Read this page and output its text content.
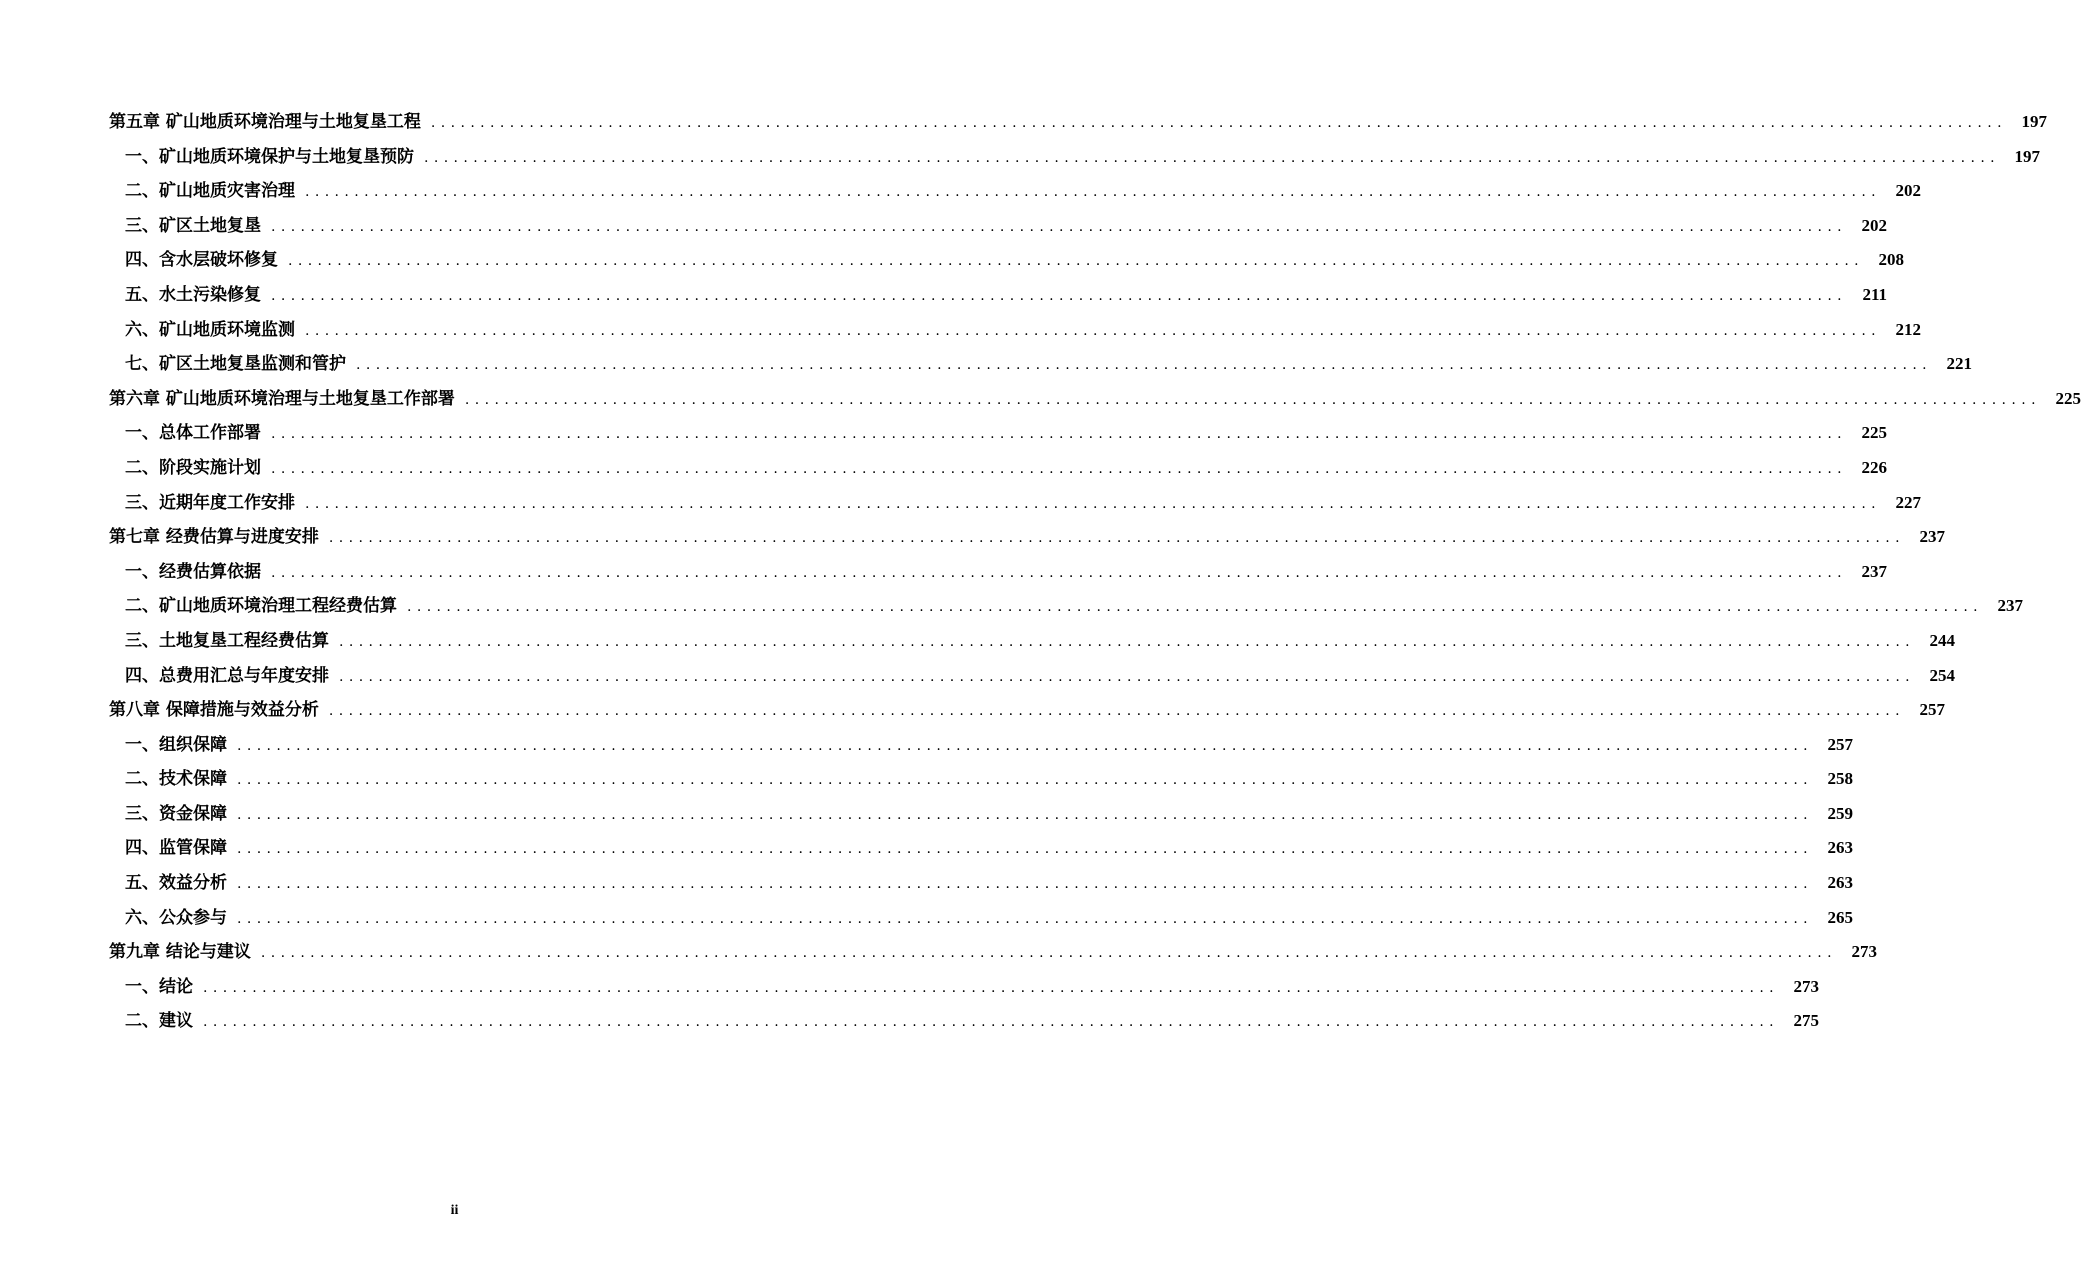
第五章 矿山地质环境治理与土地复垦工程 ................................................................................................................................................................ 197
一、矿山地质环境保护与土地复垦预防 ................................................................................................................................................................ 197
二、矿山地质灾害治理 ................................................................................................................................................................ 202
三、矿区土地复垦 ................................................................................................................................................................ 202
四、含水层破坏修复 ................................................................................................................................................................ 208
五、水土污染修复 ................................................................................................................................................................ 211
六、矿山地质环境监测 ................................................................................................................................................................ 212
七、矿区土地复垦监测和管护 ................................................................................................................................................................ 221
第六章 矿山地质环境治理与土地复垦工作部署 ................................................................................................................................................................ 225
一、总体工作部署 ................................................................................................................................................................ 225
二、阶段实施计划 ................................................................................................................................................................ 226
三、近期年度工作安排 ................................................................................................................................................................ 227
第七章 经费估算与进度安排 ................................................................................................................................................................ 237
一、经费估算依据 ................................................................................................................................................................ 237
二、矿山地质环境治理工程经费估算 ................................................................................................................................................................ 237
三、土地复垦工程经费估算 ................................................................................................................................................................ 244
四、总费用汇总与年度安排 ................................................................................................................................................................ 254
第八章 保障措施与效益分析 ................................................................................................................................................................ 257
一、组织保障 ................................................................................................................................................................ 257
二、技术保障 ................................................................................................................................................................ 258
三、资金保障 ................................................................................................................................................................ 259
四、监管保障 ................................................................................................................................................................ 263
五、效益分析 ................................................................................................................................................................ 263
六、公众参与 ................................................................................................................................................................ 265
第九章 结论与建议 ................................................................................................................................................................ 273
一、结论 ................................................................................................................................................................ 273
二、建议 ................................................................................................................................................................ 275
ii
